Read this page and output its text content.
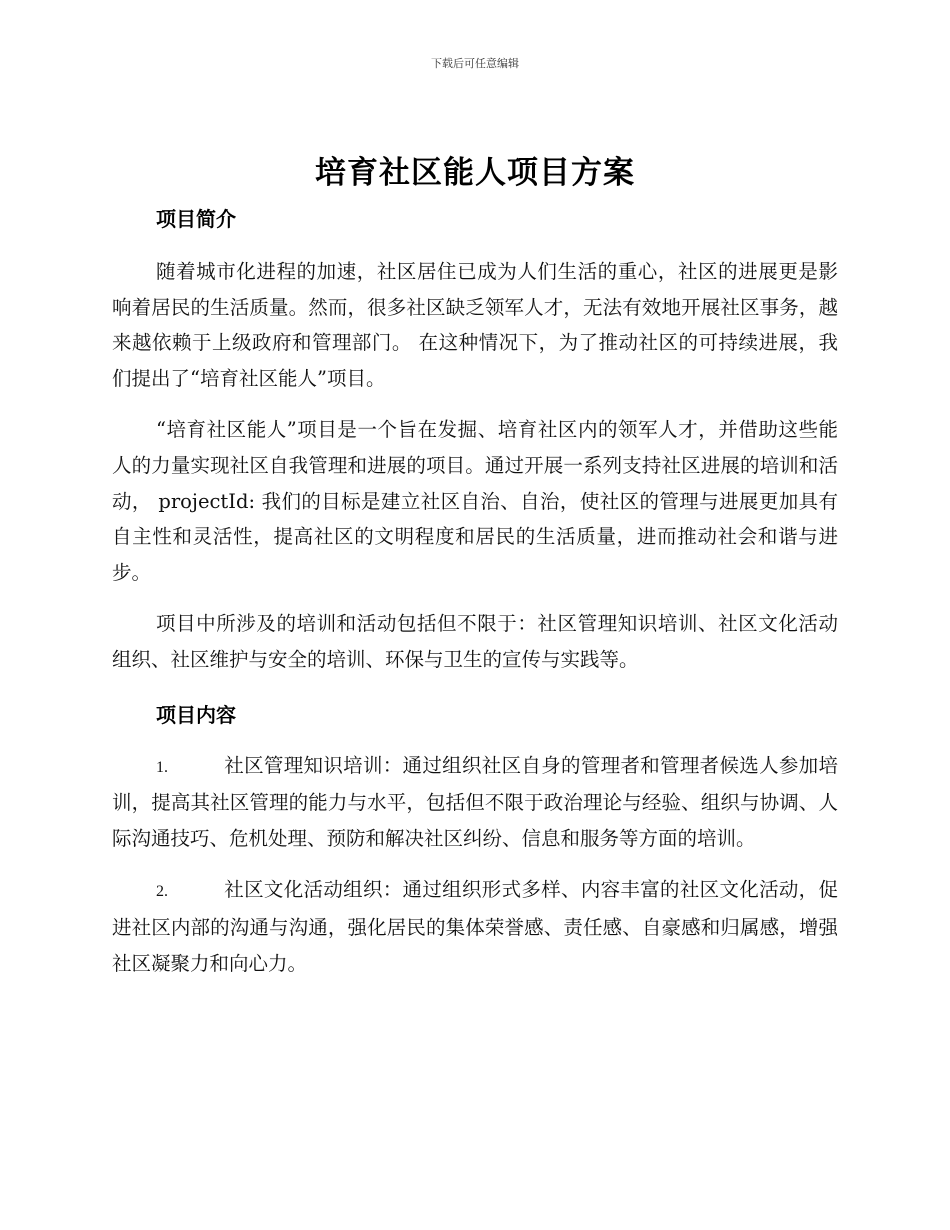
下载后可任意编辑
培育社区能人项目方案
项目简介

随着城市化进程的加速，社区居住已成为人们生活的重心，社区的进展更是影响着居民的生活质量。然而，很多社区缺乏领军人才，无法有效地开展社区事务，越来越依赖于上级政府和管理部门。 在这种情况下，为了推动社区的可持续进展，我们提出了“培育社区能人”项目。

“培育社区能人”项目是一个旨在发掘、培育社区内的领军人才，并借助这些能人的力量实现社区自我管理和进展的项目。通过开展一系列支持社区进展的培训和活动， projectId: 我们的目标是建立社区自治、自治，使社区的管理与进展更加具有自主性和灵活性，提高社区的文明程度和居民的生活质量，进而推动社会和谐与进步。

项目中所涉及的培训和活动包括但不限于：社区管理知识培训、社区文化活动组织、社区维护与安全的培训、环保与卫生的宣传与实践等。

项目内容

1.	社区管理知识培训：通过组织社区自身的管理者和管理者候选人参加培训，提高其社区管理的能力与水平，包括但不限于政治理论与经验、组织与协调、人际沟通技巧、危机处理、预防和解决社区纠纷、信息和服务等方面的培训。

2.	社区文化活动组织：通过组织形式多样、内容丰富的社区文化活动，促进社区内部的沟通与沟通，强化居民的集体荣誉感、责任感、自豪感和归属感，增强社区凝聚力和向心力。
